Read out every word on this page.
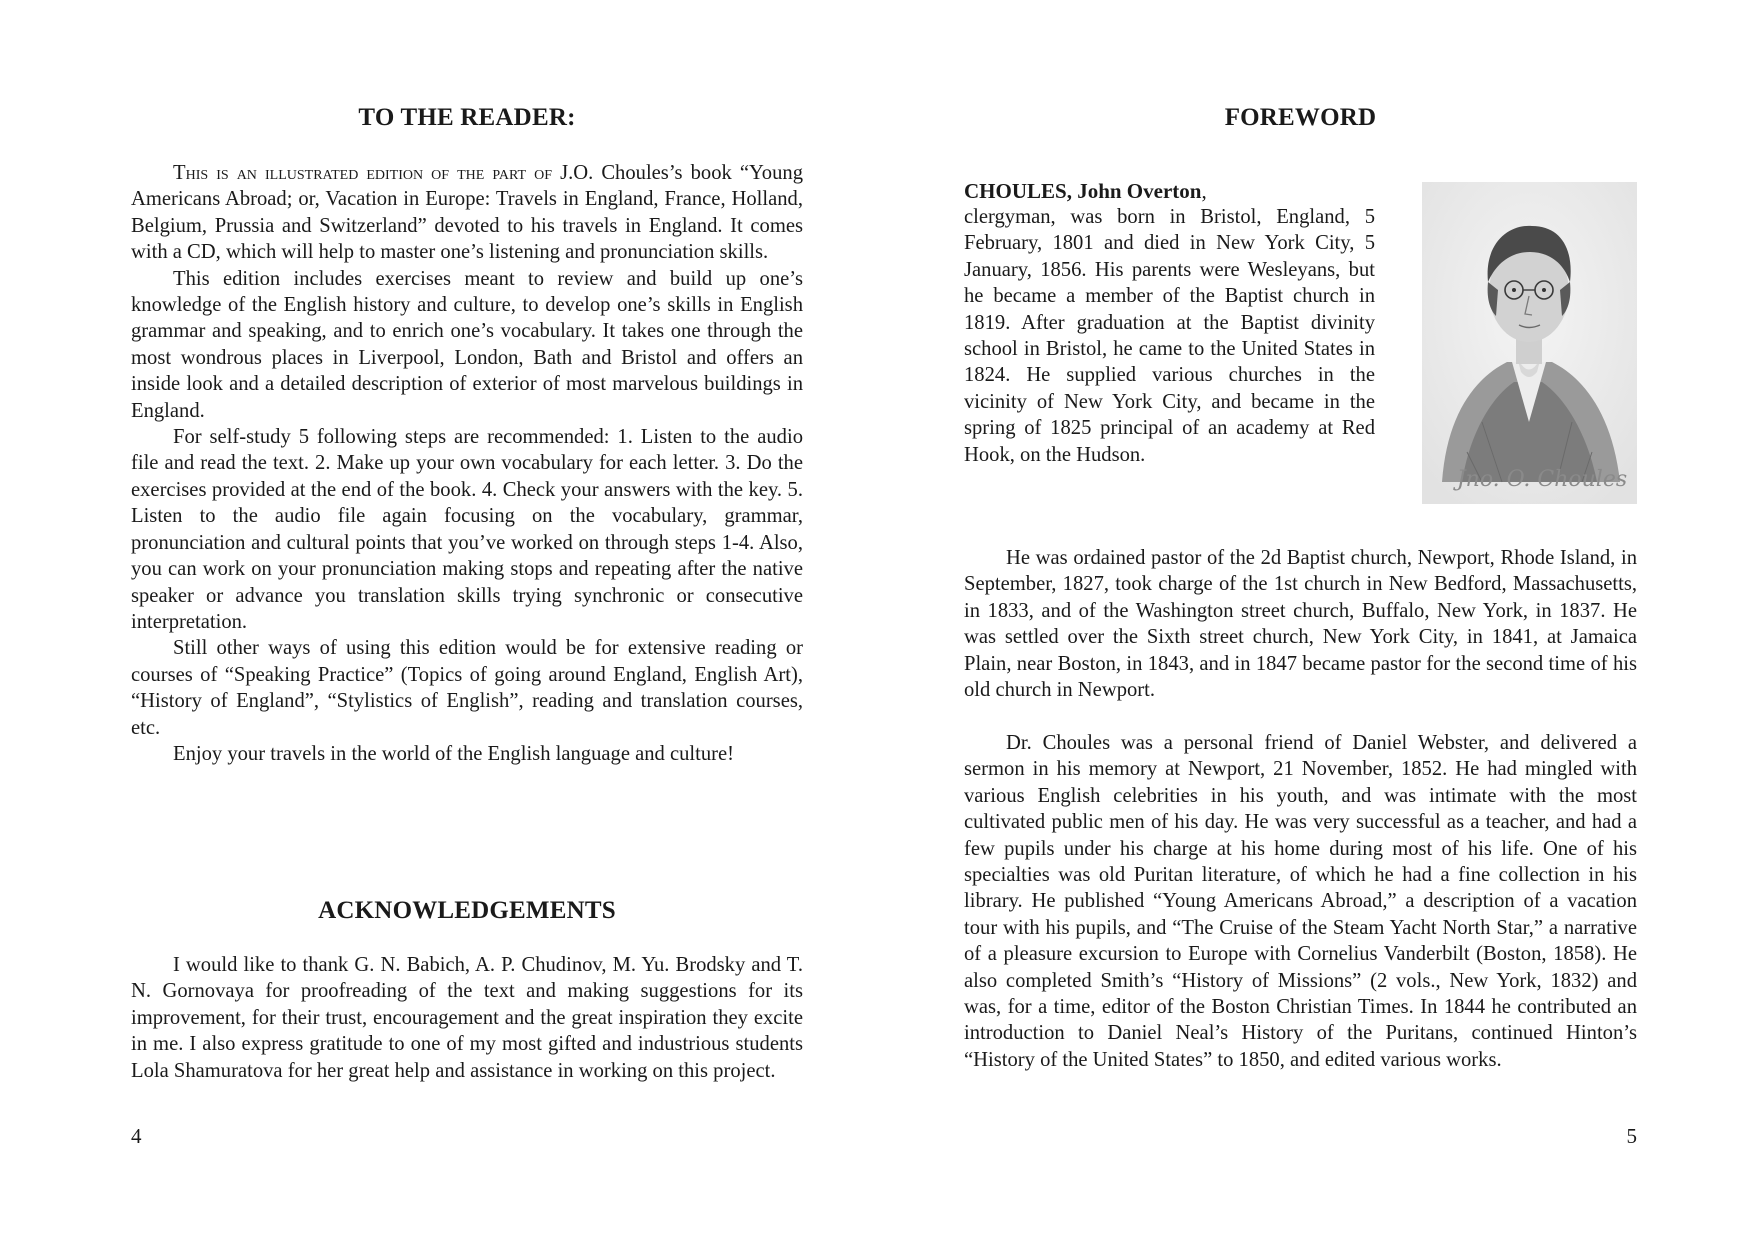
TO THE READER:

This is an illustrated edition of the part of J.O. Choules’s book “Young Americans Abroad; or, Vacation in Europe: Travels in England, France, Holland, Belgium, Prussia and Switzerland” devoted to his travels in England. It comes with a CD, which will help to master one’s listening and pronunciation skills.

This edition includes exercises meant to review and build up one’s knowledge of the English history and culture, to develop one’s skills in English grammar and speaking, and to enrich one’s vocabulary. It takes one through the most wondrous places in Liverpool, London, Bath and Bristol and offers an inside look and a detailed description of exterior of most marvelous buildings in England.

For self-study 5 following steps are recommended: 1. Listen to the audio file and read the text. 2. Make up your own vocabulary for each letter. 3. Do the exercises provided at the end of the book. 4. Check your answers with the key. 5. Listen to the audio file again focusing on the vocabulary, grammar, pronunciation and cultural points that you’ve worked on through steps 1-4. Also, you can work on your pronunciation making stops and repeating after the native speaker or advance you translation skills trying synchronic or consecutive interpretation.

Still other ways of using this edition would be for extensive reading or courses of “Speaking Practice” (Topics of going around England, English Art), “History of England”, “Stylistics of English”, reading and translation courses, etc.

Enjoy your travels in the world of the English language and culture!

ACKNOWLEDGEMENTS

I would like to thank G. N. Babich, A. P. Chudinov, M. Yu. Brodsky and T. N. Gornovaya for proofreading of the text and making suggestions for its improvement, for their trust, encouragement and the great inspiration they excite in me. I also express gratitude to one of my most gifted and industrious students Lola Shamuratova for her great help and assistance in working on this project.

4
FOREWORD

CHOULES, John Overton,

clergyman, was born in Bristol, England, 5 February, 1801 and died in New York City, 5 January, 1856. His parents were Wesleyans, but he became a member of the Baptist church in 1819. After graduation at the Baptist divinity school in Bristol, he came to the United States in 1824. He supplied various churches in the vicinity of New York City, and became in the spring of 1825 principal of an academy at Red Hook, on the Hudson.

Jno. O. Choules

He was ordained pastor of the 2d Baptist church, Newport, Rhode Island, in September, 1827, took charge of the 1st church in New Bedford, Massachusetts, in 1833, and of the Washington street church, Buffalo, New York, in 1837. He was settled over the Sixth street church, New York City, in 1841, at Jamaica Plain, near Boston, in 1843, and in 1847 became pastor for the second time of his old church in Newport.

Dr. Choules was a personal friend of Daniel Webster, and delivered a sermon in his memory at Newport, 21 November, 1852. He had mingled with various English celebrities in his youth, and was intimate with the most cultivated public men of his day. He was very successful as a teacher, and had a few pupils under his charge at his home during most of his life. One of his specialties was old Puritan literature, of which he had a fine collection in his library. He published “Young Americans Abroad,” a description of a vacation tour with his pupils, and “The Cruise of the Steam Yacht North Star,” a narrative of a pleasure excursion to Europe with Cornelius Vanderbilt (Boston, 1858). He also completed Smith’s “History of Missions” (2 vols., New York, 1832) and was, for a time, editor of the Boston Christian Times. In 1844 he contributed an introduction to Daniel Neal’s History of the Puritans, continued Hinton’s “History of the United States” to 1850, and edited various works.

5
